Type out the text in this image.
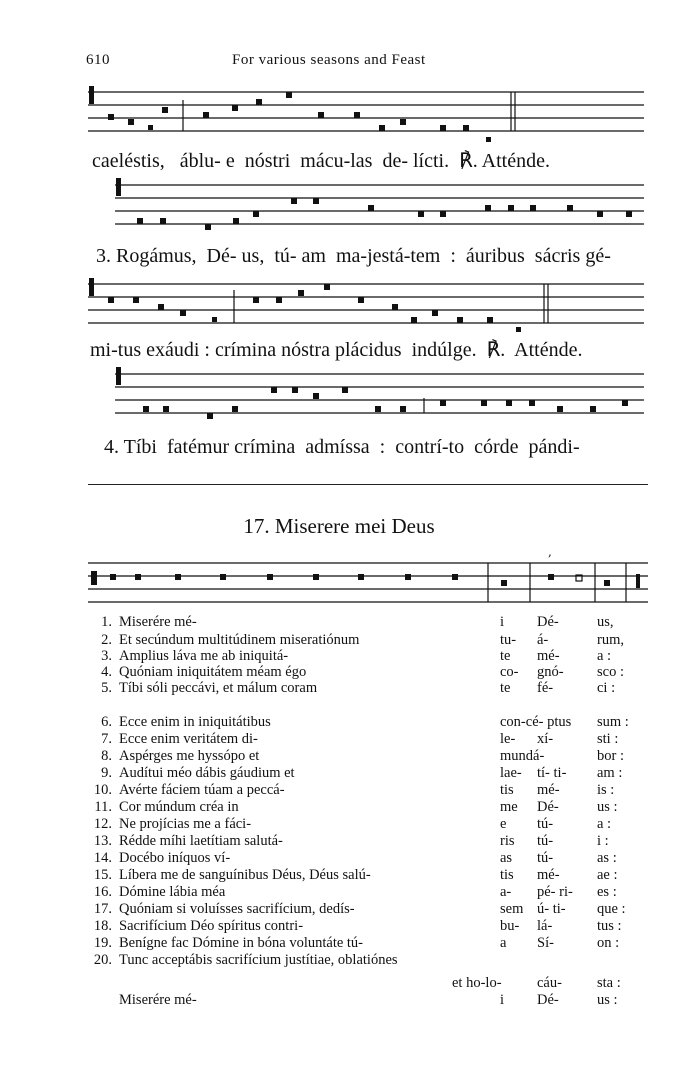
610	For various seasons and Feast
,
caeléstis,   áblu- e  nóstri  mácu-las  de- lícti.  ℟. Atténde.
3. Rogámus,  Dé- us,  tú- am  ma-jestá-tem  :  áuribus  sácris gé-
mi-tus exáudi : crímina nóstra plácidus  indúlge.  ℟.  Atténde.
4. Tíbi  fatémur crímina  admíssa  :  contrí-to  córde  pándi-
17. Miserere mei Deus
1. Miserére mé-	i Dé-	us,
2. Et secúndum multitúdinem miseratiónum	tu- á-	rum,
3. Amplius láva me ab iniquitá-	te mé-	a :
4. Quóniam iniquitátem méam égo	co- gnó- sco :
5. Tíbi sóli peccávi, et málum coram	te fé-	ci :
6. Ecce enim in iniquitátibus	con-cé- ptus sum :
7. Ecce enim veritátem di-	le- xí-	sti :
8. Aspérges me hyssópo et	mundá-	bor :
9. Audítui méo dábis gáudium et	lae- tí- ti- am :
10. Avérte fáciem túam a peccá-	tis mé-	is :
11. Cor múndum créa in	me Dé-	us :
12. Ne projícias me a fáci-	e tú-	a :
13. Rédde míhi laetítiam salutá-	ris tú-	i :
14. Docébo iníquos ví-	as tú-	as :
15. Líbera me de sanguínibus Déus, Déus salú-	tis mé-	ae :
16. Dómine lábia méa	a- pé- ri- es :
17. Quóniam si voluísses sacrifícium, dedís-	sem ú- ti- que :
18. Sacrifícium Déo spíritus contri-	bu- lá-	tus :
19. Benígne fac Dómine in bóna voluntáte tú-	a Sí-	on :
20. Tunc acceptábis sacrifícium justítiae, oblatiónes
et ho-lo- cáu- sta :
Miserére mé-	i Dé-	us :
